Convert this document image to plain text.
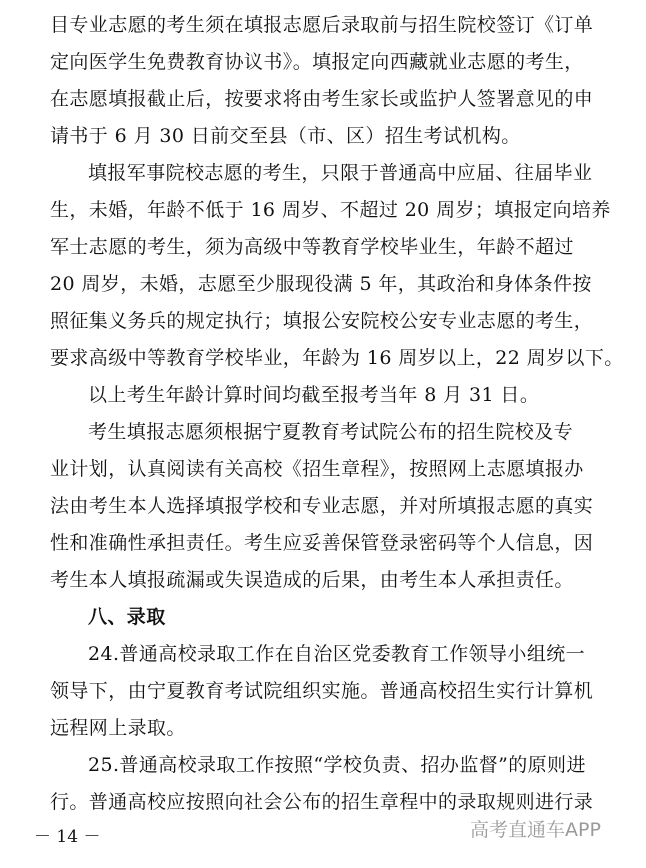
目专业志愿的考生须在填报志愿后录取前与招生院校签订《订单
定向医学生免费教育协议书》。填报定向西藏就业志愿的考生，
在志愿填报截止后，按要求将由考生家长或监护人签署意见的申
请书于 6 月 30 日前交至县（市、区）招生考试机构。
填报军事院校志愿的考生，只限于普通高中应届、往届毕业
生，未婚，年龄不低于 16 周岁、不超过 20 周岁；填报定向培养
军士志愿的考生，须为高级中等教育学校毕业生，年龄不超过
20 周岁，未婚，志愿至少服现役满 5 年，其政治和身体条件按
照征集义务兵的规定执行；填报公安院校公安专业志愿的考生，
要求高级中等教育学校毕业，年龄为 16 周岁以上，22 周岁以下。
以上考生年龄计算时间均截至报考当年 8 月 31 日。
考生填报志愿须根据宁夏教育考试院公布的招生院校及专
业计划，认真阅读有关高校《招生章程》，按照网上志愿填报办
法由考生本人选择填报学校和专业志愿，并对所填报志愿的真实
性和准确性承担责任。考生应妥善保管登录密码等个人信息，因
考生本人填报疏漏或失误造成的后果，由考生本人承担责任。
八、录取
24.普通高校录取工作在自治区党委教育工作领导小组统一
领导下，由宁夏教育考试院组织实施。普通高校招生实行计算机
远程网上录取。
25.普通高校录取工作按照“学校负责、招办监督”的原则进
行。普通高校应按照向社会公布的招生章程中的录取规则进行录
－ 14 －	高考直通车APP
